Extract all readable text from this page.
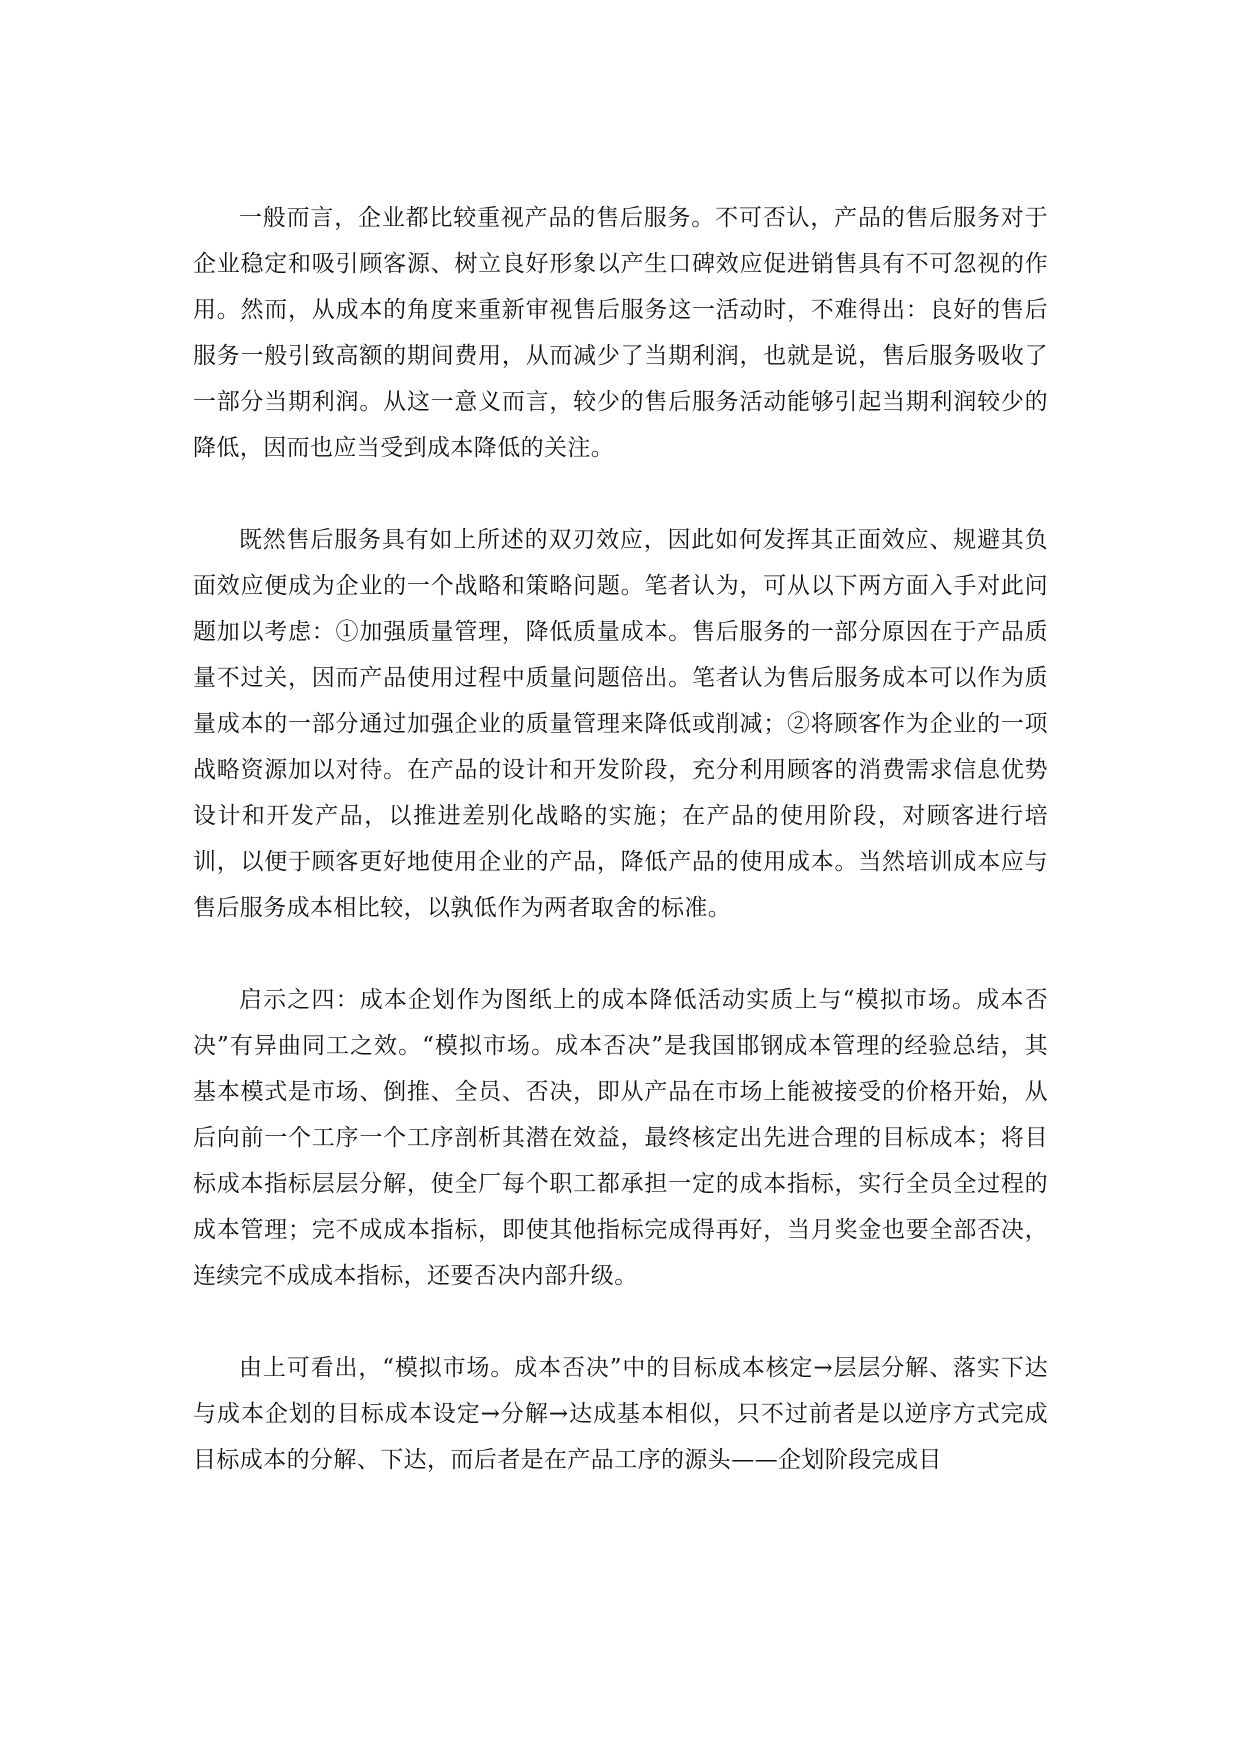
一般而言，企业都比较重视产品的售后服务。不可否认，产品的售后服务对于企业稳定和吸引顾客源、树立良好形象以产生口碑效应促进销售具有不可忽视的作用。然而，从成本的角度来重新审视售后服务这一活动时，不难得出：良好的售后服务一般引致高额的期间费用，从而减少了当期利润，也就是说，售后服务吸收了一部分当期利润。从这一意义而言，较少的售后服务活动能够引起当期利润较少的降低，因而也应当受到成本降低的关注。

既然售后服务具有如上所述的双刃效应，因此如何发挥其正面效应、规避其负面效应便成为企业的一个战略和策略问题。笔者认为，可从以下两方面入手对此问题加以考虑：①加强质量管理，降低质量成本。售后服务的一部分原因在于产品质量不过关，因而产品使用过程中质量问题倍出。笔者认为售后服务成本可以作为质量成本的一部分通过加强企业的质量管理来降低或削减；②将顾客作为企业的一项战略资源加以对待。在产品的设计和开发阶段，充分利用顾客的消费需求信息优势设计和开发产品，以推进差别化战略的实施；在产品的使用阶段，对顾客进行培训，以便于顾客更好地使用企业的产品，降低产品的使用成本。当然培训成本应与售后服务成本相比较，以孰低作为两者取舍的标准。

启示之四：成本企划作为图纸上的成本降低活动实质上与“模拟市场。成本否决”有异曲同工之效。“模拟市场。成本否决”是我国邯钢成本管理的经验总结，其基本模式是市场、倒推、全员、否决，即从产品在市场上能被接受的价格开始，从后向前一个工序一个工序剖析其潜在效益，最终核定出先进合理的目标成本；将目标成本指标层层分解，使全厂每个职工都承担一定的成本指标，实行全员全过程的成本管理；完不成成本指标，即使其他指标完成得再好，当月奖金也要全部否决，连续完不成成本指标，还要否决内部升级。

由上可看出，“模拟市场。成本否决”中的目标成本核定→层层分解、落实下达与成本企划的目标成本设定→分解→达成基本相似，只不过前者是以逆序方式完成目标成本的分解、下达，而后者是在产品工序的源头——企划阶段完成目
